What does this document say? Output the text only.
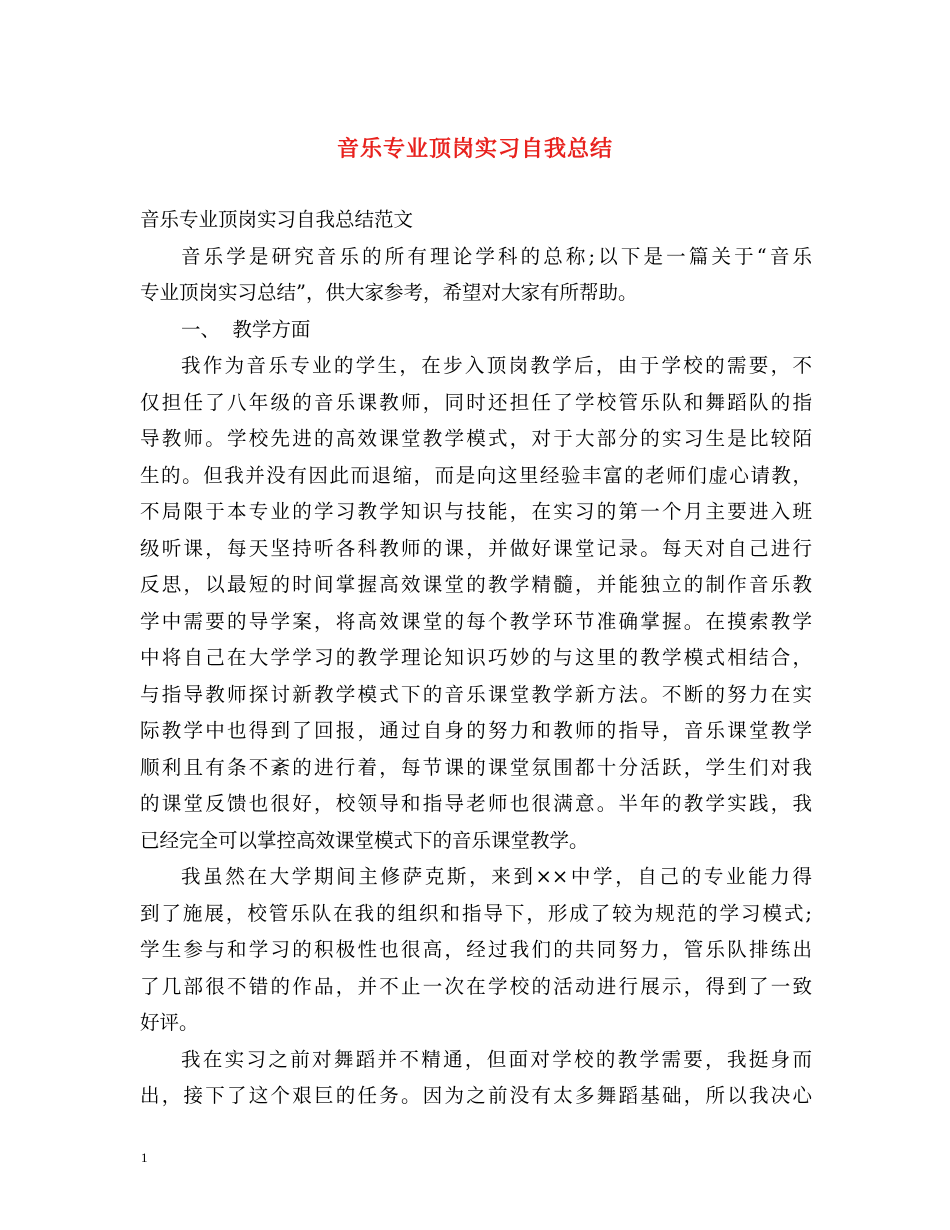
音乐专业顶岗实习自我总结
音乐专业顶岗实习自我总结范文
音乐学是研究音乐的所有理论学科的总称;以下是一篇关于“音乐
专业顶岗实习总结”，供大家参考，希望对大家有所帮助。
一、  教学方面
我作为音乐专业的学生，在步入顶岗教学后，由于学校的需要，不
仅担任了八年级的音乐课教师，同时还担任了学校管乐队和舞蹈队的指
导教师。学校先进的高效课堂教学模式，对于大部分的实习生是比较陌
生的。但我并没有因此而退缩，而是向这里经验丰富的老师们虚心请教，
不局限于本专业的学习教学知识与技能，在实习的第一个月主要进入班
级听课，每天坚持听各科教师的课，并做好课堂记录。每天对自己进行
反思，以最短的时间掌握高效课堂的教学精髓，并能独立的制作音乐教
学中需要的导学案，将高效课堂的每个教学环节准确掌握。在摸索教学
中将自己在大学学习的教学理论知识巧妙的与这里的教学模式相结合，
与指导教师探讨新教学模式下的音乐课堂教学新方法。不断的努力在实
际教学中也得到了回报，通过自身的努力和教师的指导，音乐课堂教学
顺利且有条不紊的进行着，每节课的课堂氛围都十分活跃，学生们对我
的课堂反馈也很好，校领导和指导老师也很满意。半年的教学实践，我
已经完全可以掌控高效课堂模式下的音乐课堂教学。
我虽然在大学期间主修萨克斯，来到××中学，自己的专业能力得
到了施展，校管乐队在我的组织和指导下，形成了较为规范的学习模式;
学生参与和学习的积极性也很高，经过我们的共同努力，管乐队排练出
了几部很不错的作品，并不止一次在学校的活动进行展示，得到了一致
好评。
我在实习之前对舞蹈并不精通，但面对学校的教学需要，我挺身而
出，接下了这个艰巨的任务。因为之前没有太多舞蹈基础，所以我决心
1
